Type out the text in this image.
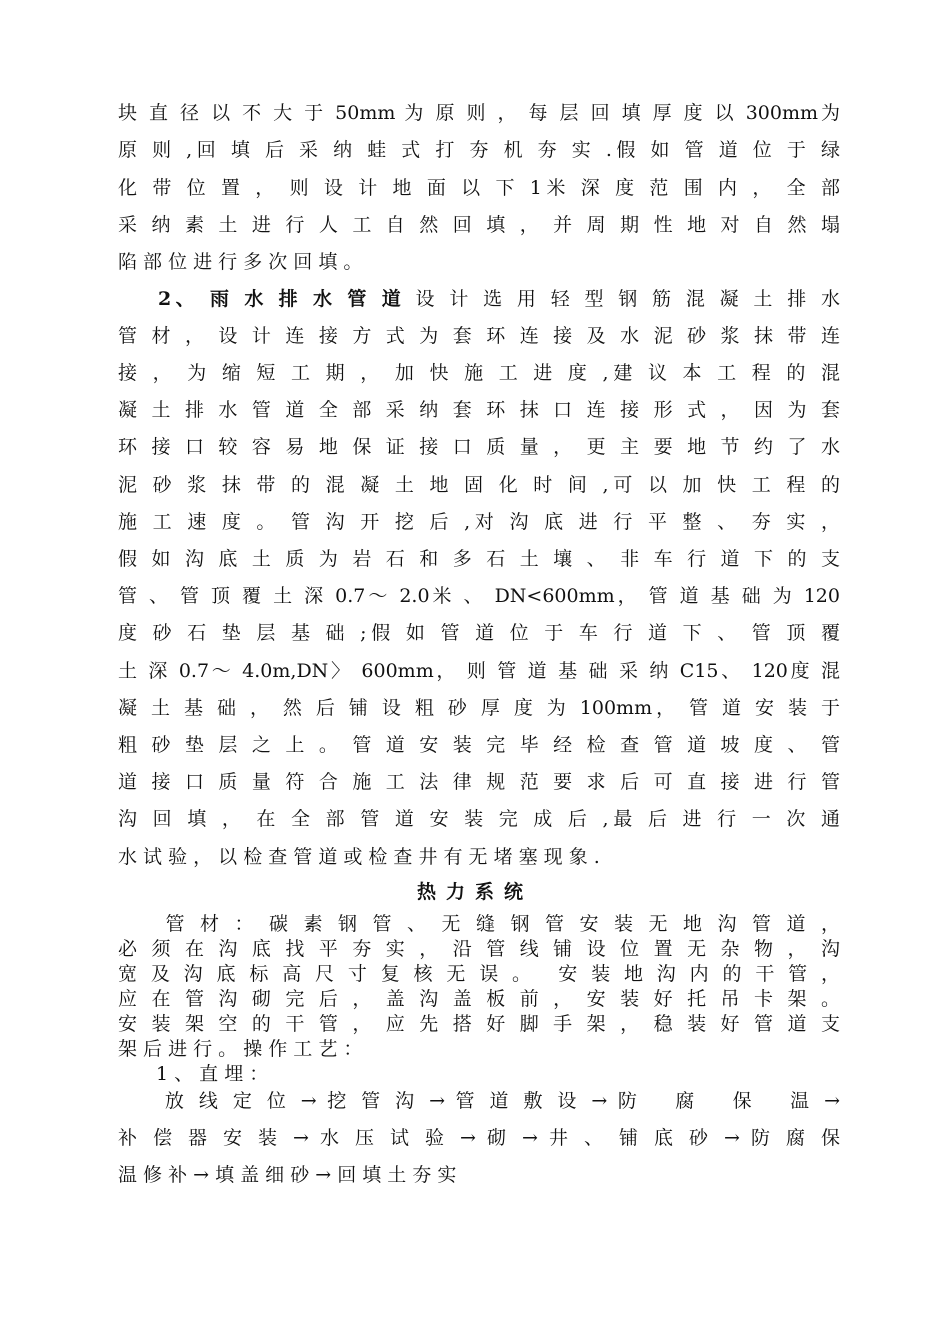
块 直 径 以 不 大 于 50mm 为 原 则 ， 每 层 回 填 厚 度 以 300mm为
原 则 ,回 填 后 采 纳 蛙 式 打 夯 机 夯 实 .假 如 管 道 位 于 绿
化 带 位 置 ， 则 设 计 地 面 以 下 1米 深 度 范 围 内 ， 全 部
采 纳 素 土 进 行 人 工 自 然 回 填 ， 并 周 期 性 地 对 自 然 塌
陷 部 位 进 行 多 次 回 填 。
2、 雨 水 排 水 管 道 设 计 选 用 轻 型 钢 筋 混 凝 土 排 水
管 材 ， 设 计 连 接 方 式 为 套 环 连 接 及 水 泥 砂 浆 抹 带 连
接 ， 为 缩 短 工 期 ， 加 快 施 工 进 度 ,建 议 本 工 程 的 混
凝 土 排 水 管 道 全 部 采 纳 套 环 抹 口 连 接 形 式 ， 因 为 套
环 接 口 较 容 易 地 保 证 接 口 质 量 ， 更 主 要 地 节 约 了 水
泥 砂 浆 抹 带 的 混 凝 土 地 固 化 时 间 ,可 以 加 快 工 程 的
施 工 速 度 。 管 沟 开 挖 后 ,对 沟 底 进 行 平 整 、 夯 实 ，
假 如 沟 底 土 质 为 岩 石 和 多 石 土 壤 、 非 车 行 道 下 的 支
管 、 管 顶 覆 土 深 0.7～ 2.0米 、 DN<600mm， 管 道 基 础 为 120
度 砂 石 垫 层 基 础 ;假 如 管 道 位 于 车 行 道 下 、 管 顶 覆
土 深 0.7～ 4.0m,DN〉 600mm， 则 管 道 基 础 采 纳 C15、 120度 混
凝 土 基 础 ， 然 后 铺 设 粗 砂 厚 度 为 100mm， 管 道 安 装 于
粗 砂 垫 层 之 上 。 管 道 安 装 完 毕 经 检 查 管 道 坡 度 、 管
道 接 口 质 量 符 合 施 工 法 律 规 范 要 求 后 可 直 接 进 行 管
沟 回 填 ， 在 全 部 管 道 安 装 完 成 后 ,最 后 进 行 一 次 通
水 试 验 ， 以 检 查 管 道 或 检 查 井 有 无 堵 塞 现 象 .
热力系统
　　管 材 ： 碳 素 钢 管 、 无 缝 钢 管 安 装 无 地 沟 管 道 ，
必 须 在 沟 底 找 平 夯 实 ， 沿 管 线 铺 设 位 置 无 杂 物 ， 沟
宽 及 沟 底 标 高 尺 寸 复 核 无 误 。　 安 装 地 沟 内 的 干 管 ，
应 在 管 沟 砌 完 后 ， 盖 沟 盖 板 前 ， 安 装 好 托 吊 卡 架 。
安 装 架 空 的 干 管 ， 应 先 搭 好 脚 手 架 ， 稳 装 好 管 道 支
架 后 进 行 。 操 作 工 艺 ：
　　1 、 直 埋 ：
　　放 线 定 位 → 挖 管 沟 → 管 道 敷 设 → 防　 腐　 保　 温 →
补 偿 器 安 装 → 水 压 试 验 → 砌 → 井 、 铺 底 砂 → 防 腐 保
温 修 补 → 填 盖 细 砂 → 回 填 土 夯 实
